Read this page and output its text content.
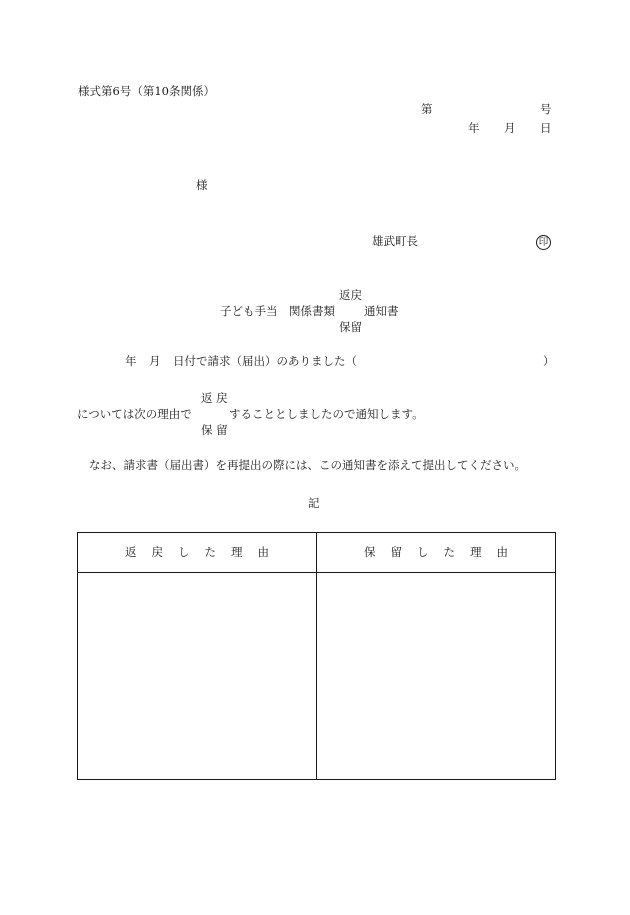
様式第6号（第10条関係）
第	号
年 月 日
様
雄武町長	印
返戻
子ども手当　関係書類	通知書
保留
年 月 日付で請求（届出）のありました（	）
返 戻
については次の理由で	することとしましたので通知します。
保 留
なお、請求書（届出書）を再提出の際には、この通知書を添えて提出してください。
記
返戻した理由	保留した理由
